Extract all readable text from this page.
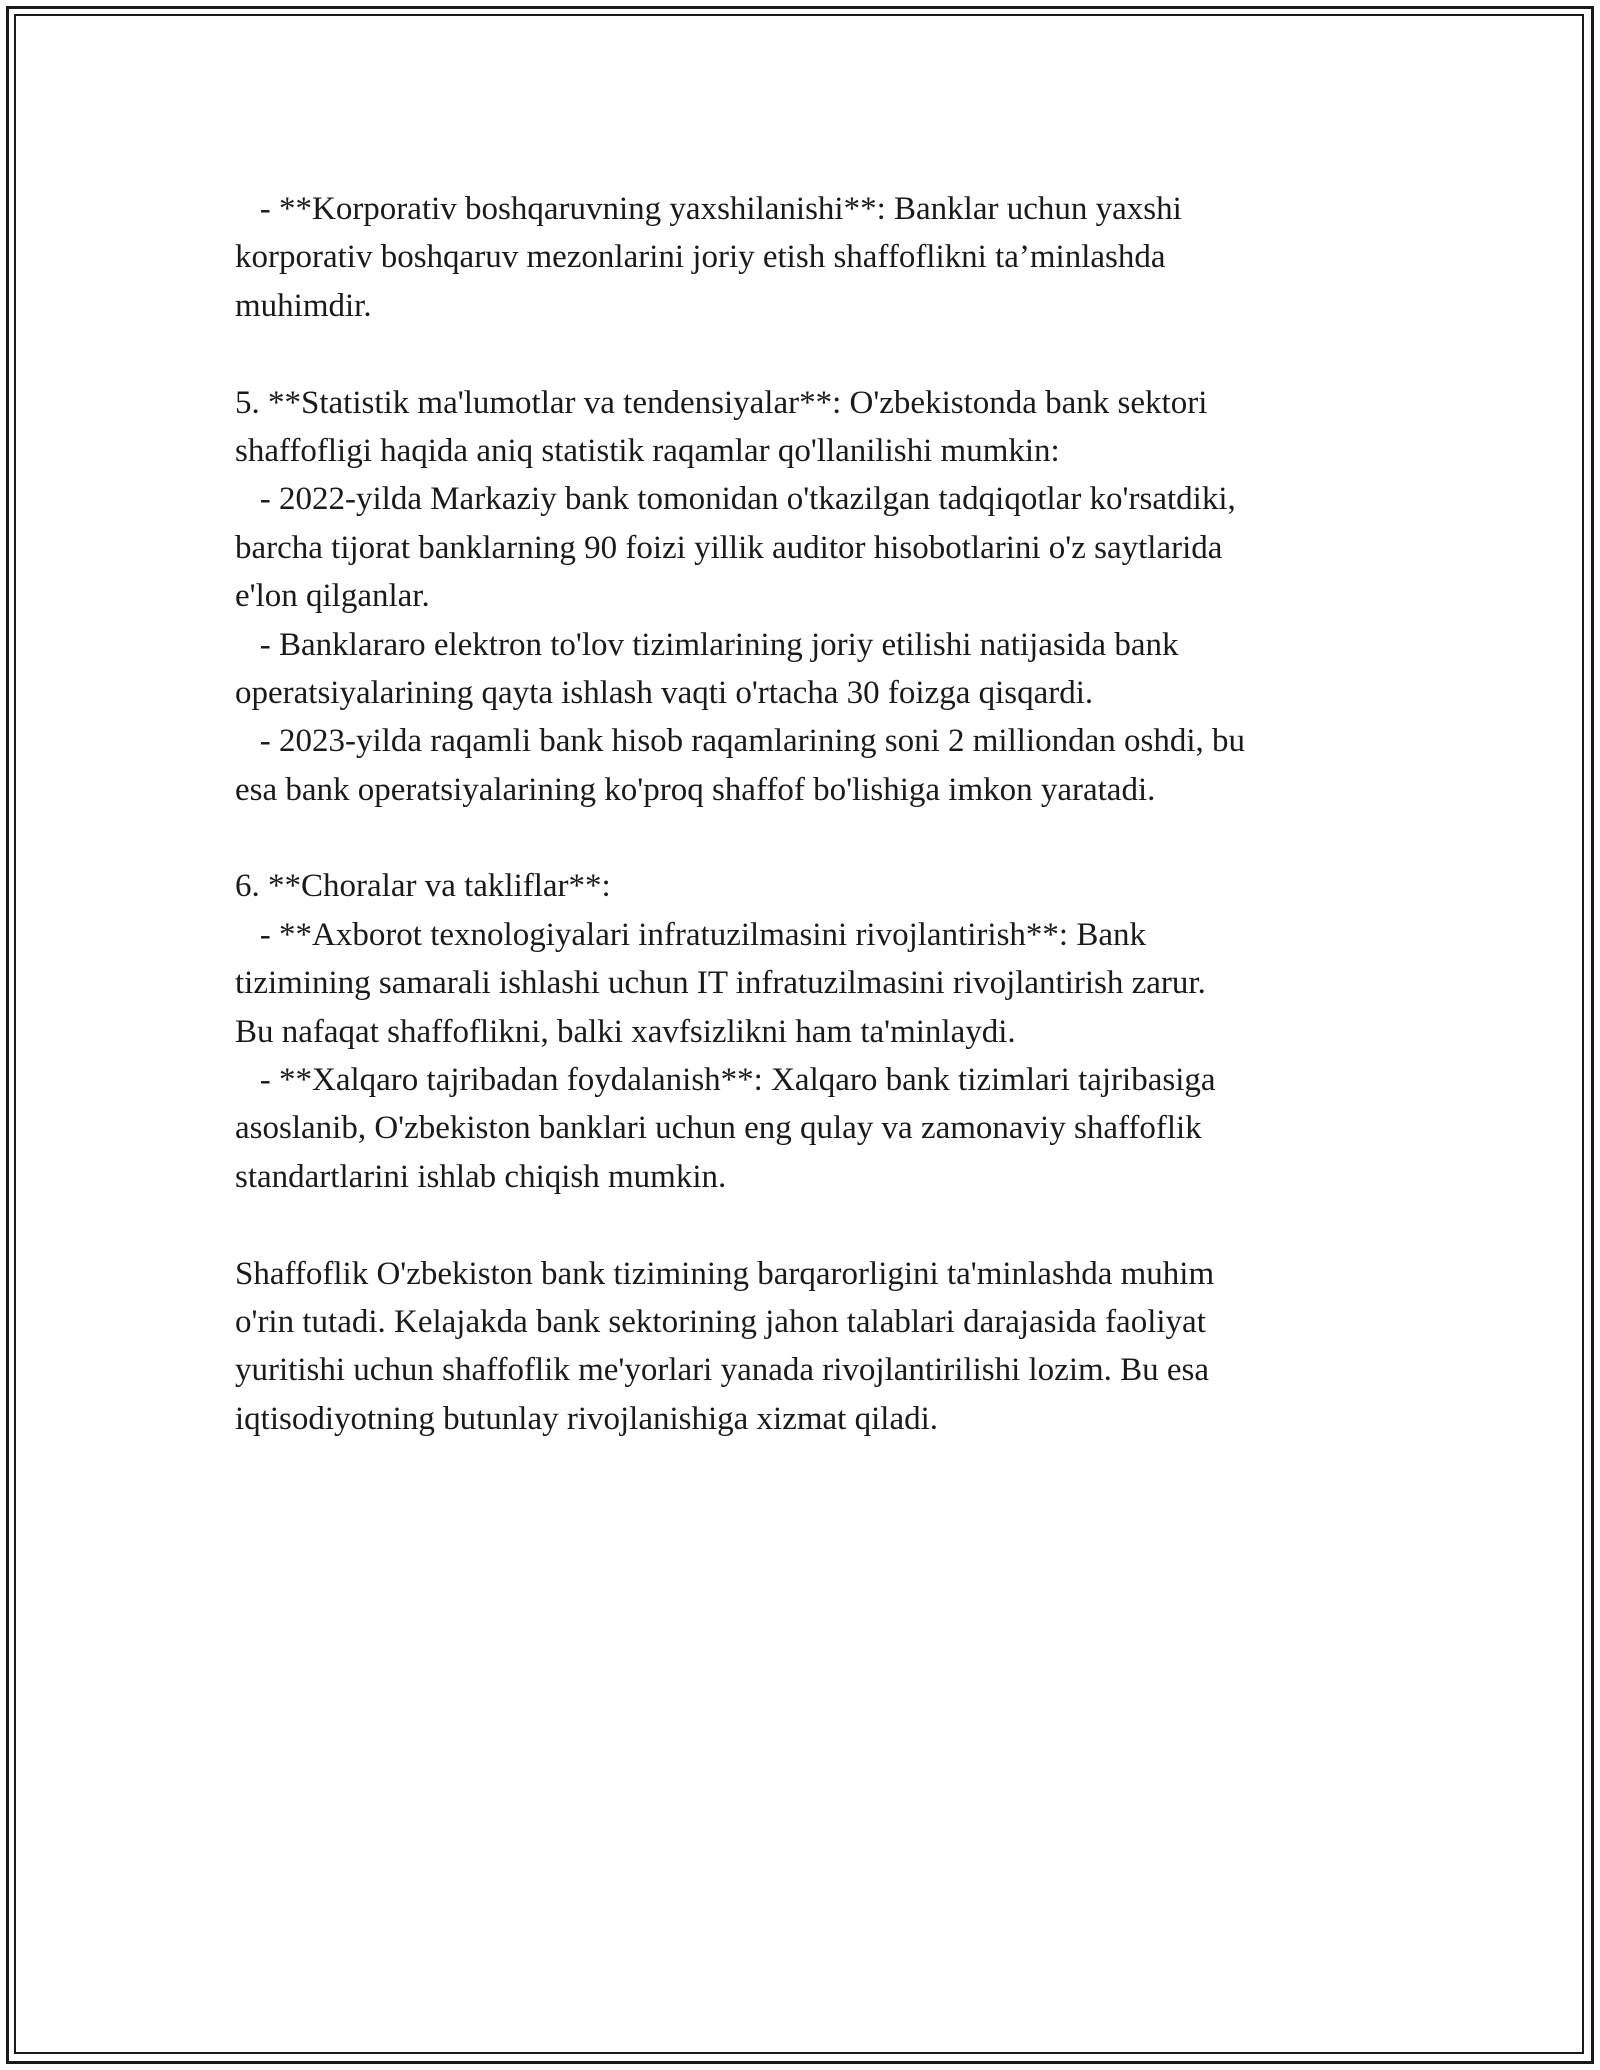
- **Korporativ boshqaruvning yaxshilanishi**: Banklar uchun yaxshi
korporativ boshqaruv mezonlarini joriy etish shaffoflikni ta’minlashda
muhimdir.
5. **Statistik ma'lumotlar va tendensiyalar**: O'zbekistonda bank sektori
shaffofligi haqida aniq statistik raqamlar qo'llanilishi mumkin:
- 2022-yilda Markaziy bank tomonidan o'tkazilgan tadqiqotlar ko'rsatdiki,
barcha tijorat banklarning 90 foizi yillik auditor hisobotlarini o'z saytlarida
e'lon qilganlar.
- Banklararo elektron to'lov tizimlarining joriy etilishi natijasida bank
operatsiyalarining qayta ishlash vaqti o'rtacha 30 foizga qisqardi.
- 2023-yilda raqamli bank hisob raqamlarining soni 2 milliondan oshdi, bu
esa bank operatsiyalarining ko'proq shaffof bo'lishiga imkon yaratadi.
6. **Choralar va takliflar**:
- **Axborot texnologiyalari infratuzilmasini rivojlantirish**: Bank
tizimining samarali ishlashi uchun IT infratuzilmasini rivojlantirish zarur.
Bu nafaqat shaffoflikni, balki xavfsizlikni ham ta'minlaydi.
- **Xalqaro tajribadan foydalanish**: Xalqaro bank tizimlari tajribasiga
asoslanib, O'zbekiston banklari uchun eng qulay va zamonaviy shaffoflik
standartlarini ishlab chiqish mumkin.
Shaffoflik O'zbekiston bank tizimining barqarorligini ta'minlashda muhim
o'rin tutadi. Kelajakda bank sektorining jahon talablari darajasida faoliyat
yuritishi uchun shaffoflik me'yorlari yanada rivojlantirilishi lozim. Bu esa
iqtisodiyotning butunlay rivojlanishiga xizmat qiladi.
